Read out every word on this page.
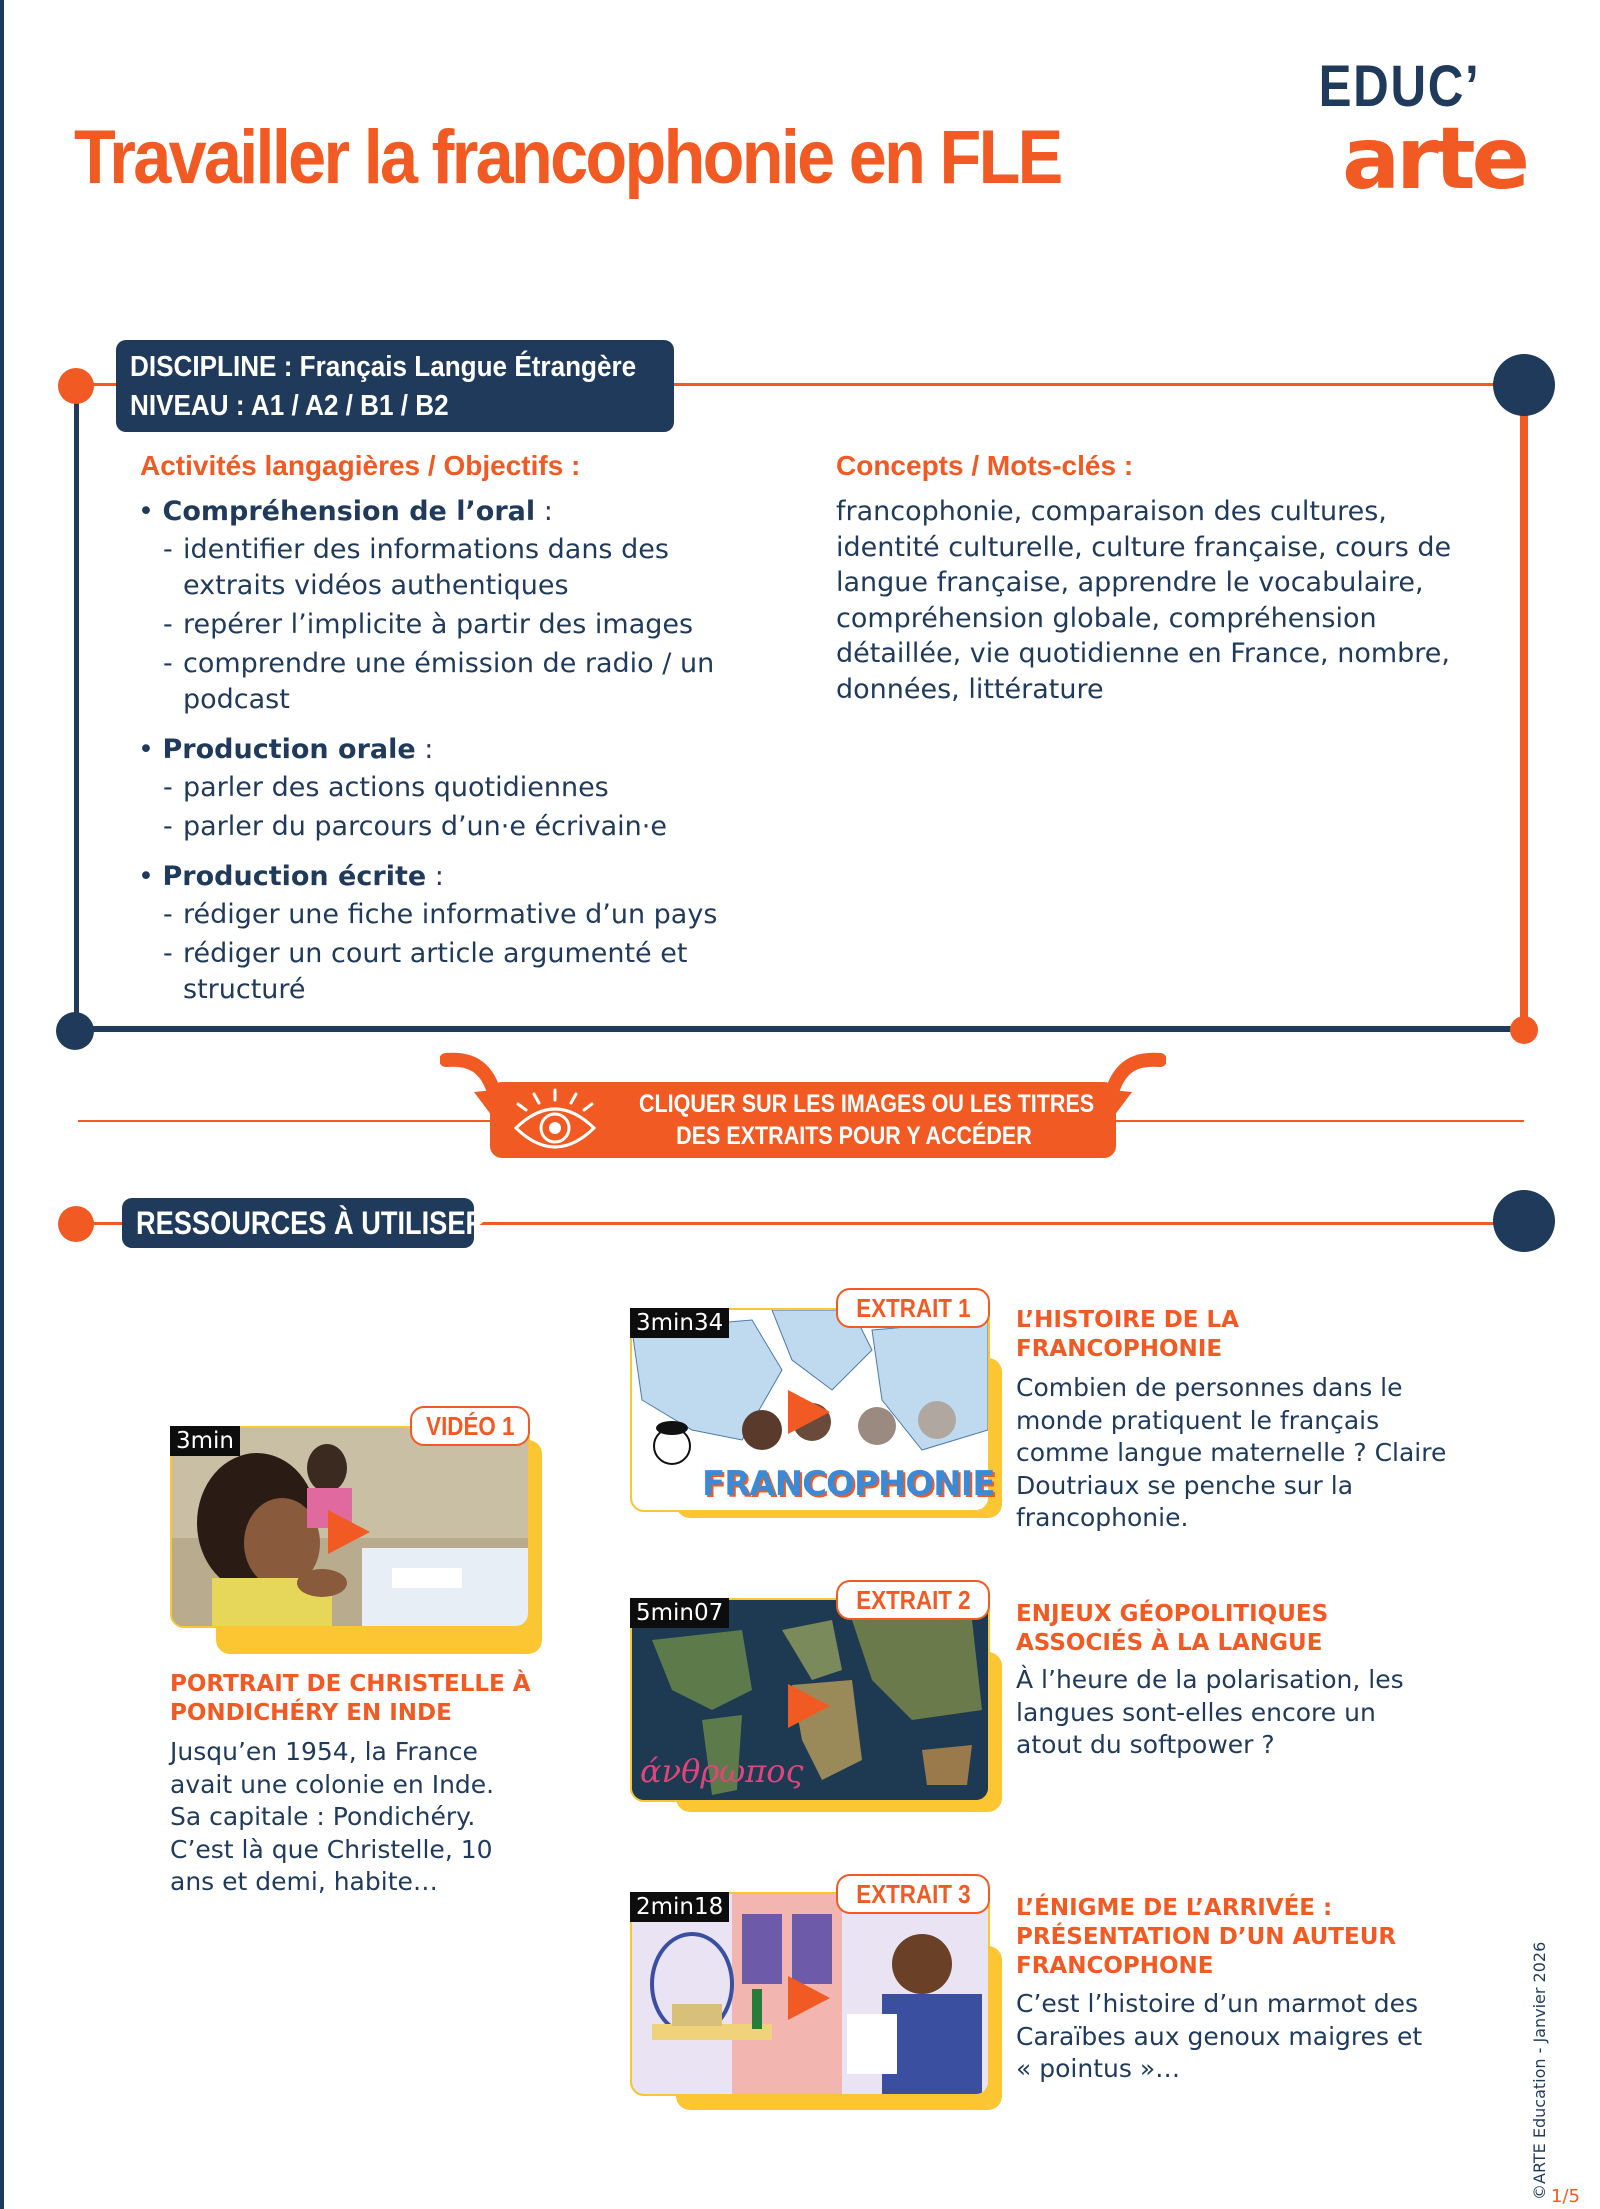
Travailler la francophonie en FLE
EDUC’
arte
DISCIPLINE : Français Langue Étrangère
NIVEAU : A1 / A2 / B1 / B2
Activités langagières / Objectifs :
• Compréhension de l’oral :
- identifier des informations dans des extraits vidéos authentiques
- repérer l’implicite à partir des images
- comprendre une émission de radio / un podcast
• Production orale :
- parler des actions quotidiennes
- parler du parcours d’un·e écrivain·e
• Production écrite :
- rédiger une fiche informative d’un pays
- rédiger un court article argumenté et structuré
Concepts / Mots-clés :

francophonie, comparaison des cultures, identité culturelle, culture française, cours de langue française, apprendre le vocabulaire, compréhension globale, compréhension détaillée, vie quotidienne en France, nombre, données, littérature

CLIQUER SUR LES IMAGES OU LES TITRES
DES EXTRAITS POUR Y ACCÉDER
RESSOURCES À UTILISER
3min	VIDÉO 1
PORTRAIT DE CHRISTELLE À PONDICHÉRY EN INDE

Jusqu’en 1954, la France avait une colonie en Inde. Sa capitale : Pondichéry. C’est là que Christelle, 10 ans et demi, habite…

FRANCOPHONIE
3min34	EXTRAIT 1	L’HISTOIRE DE LA FRANCOPHONIE

Combien de personnes dans le monde pratiquent le français comme langue maternelle ? Claire Doutriaux se penche sur la francophonie.

άνθρωπος
5min07	EXTRAIT 2	ENJEUX GÉOPOLITIQUES ASSOCIÉS À LA LANGUE

À l’heure de la polarisation, les langues sont-elles encore un atout du softpower ?

2min18	EXTRAIT 3	L’ÉNIGME DE L’ARRIVÉE : PRÉSENTATION D’UN AUTEUR FRANCOPHONE

C’est l’histoire d’un marmot des Caraïbes aux genoux maigres et « pointus »…	©ARTE Education - Janvier 2026 1/5
